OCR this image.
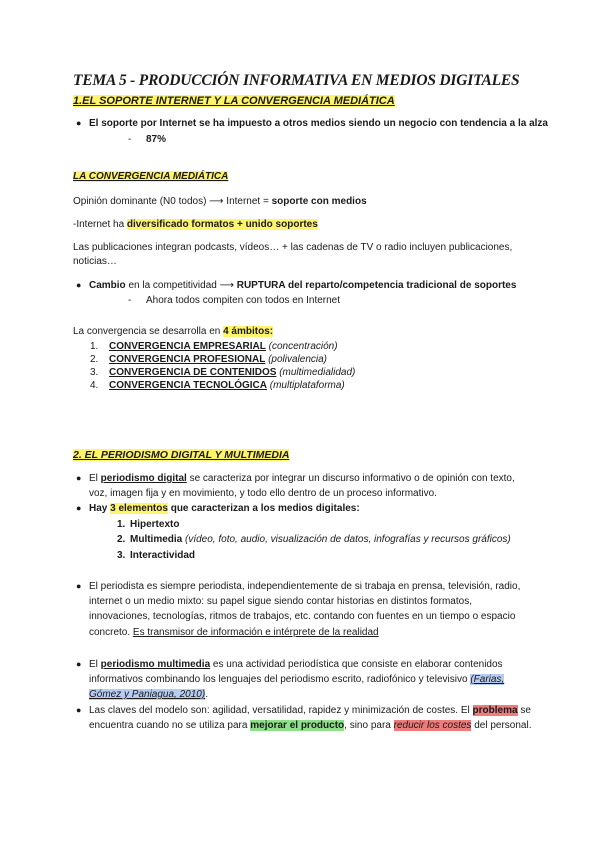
TEMA 5 - PRODUCCIÓN INFORMATIVA EN MEDIOS DIGITALES
1.EL SOPORTE INTERNET Y LA CONVERGENCIA MEDIÁTICA
● El soporte por Internet se ha impuesto a otros medios siendo un negocio con tendencia a la alza
- 87%
LA CONVERGENCIA MEDIÁTICA
Opinión dominante (N0 todos) ⟶ Internet = soporte con medios
-Internet ha diversificado formatos + unido soportes
Las publicaciones integran podcasts, vídeos… + las cadenas de TV o radio incluyen publicaciones,
noticias…
● Cambio en la competitividad ⟶ RUPTURA del reparto/competencia tradicional de soportes
- Ahora todos compiten con todos en Internet
La convergencia se desarrolla en 4 ámbitos:
1. CONVERGENCIA EMPRESARIAL (concentración)
2. CONVERGENCIA PROFESIONAL (polivalencia)
3. CONVERGENCIA DE CONTENIDOS (multimedialidad)
4. CONVERGENCIA TECNOLÓGICA (multiplataforma)
2. EL PERIODISMO DIGITAL Y MULTIMEDIA
● El periodismo digital se caracteriza por integrar un discurso informativo o de opinión con texto,
voz, imagen fija y en movimiento, y todo ello dentro de un proceso informativo.
● Hay 3 elementos que caracterizan a los medios digitales:
1. Hipertexto
2. Multimedia (vídeo, foto, audio, visualización de datos, infografías y recursos gráficos)
3. Interactividad
● El periodista es siempre periodista, independientemente de si trabaja en prensa, televisión, radio,
internet o un medio mixto: su papel sigue siendo contar historias en distintos formatos,
innovaciones, tecnologías, ritmos de trabajos, etc. contando con fuentes en un tiempo o espacio
concreto. Es transmisor de información e intérprete de la realidad
● El periodismo multimedia es una actividad periodística que consiste en elaborar contenidos
informativos combinando los lenguajes del periodismo escrito, radiofónico y televisivo (Farias,
Gómez y Paniagua, 2010).
● Las claves del modelo son: agilidad, versatilidad, rapidez y minimización de costes. El problema se
encuentra cuando no se utiliza para mejorar el producto, sino para reducir los costes del personal.
